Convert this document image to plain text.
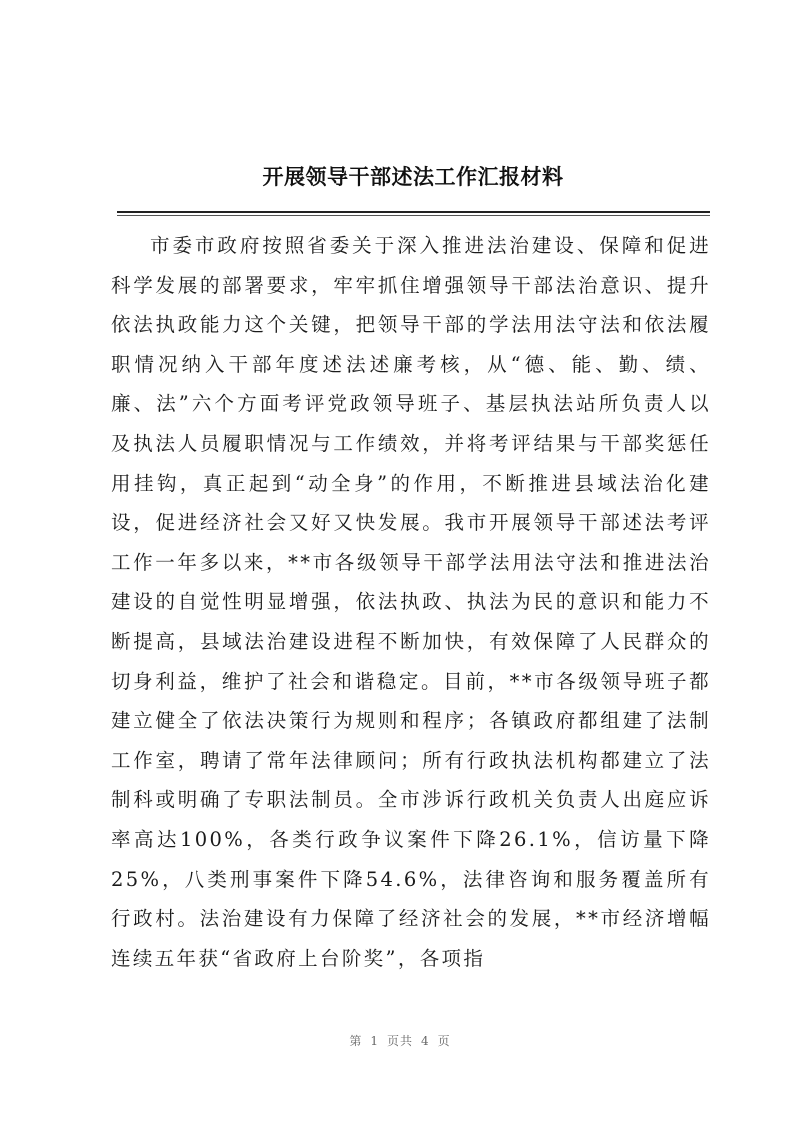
开展领导干部述法工作汇报材料

市委市政府按照省委关于深入推进法治建设、保障和促进科学发展的部署要求，牢牢抓住增强领导干部法治意识、提升依法执政能力这个关键，把领导干部的学法用法守法和依法履职情况纳入干部年度述法述廉考核，从“德、能、勤、绩、廉、法”六个方面考评党政领导班子、基层执法站所负责人以及执法人员履职情况与工作绩效，并将考评结果与干部奖惩任用挂钩，真正起到“动全身”的作用，不断推进县域法治化建设，促进经济社会又好又快发展。我市开展领导干部述法考评工作一年多以来，**市各级领导干部学法用法守法和推进法治建设的自觉性明显增强，依法执政、执法为民的意识和能力不断提高，县域法治建设进程不断加快，有效保障了人民群众的切身利益，维护了社会和谐稳定。目前，**市各级领导班子都建立健全了依法决策行为规则和程序；各镇政府都组建了法制工作室，聘请了常年法律顾问；所有行政执法机构都建立了法制科或明确了专职法制员。全市涉诉行政机关负责人出庭应诉率高达100%，各类行政争议案件下降26.1%，信访量下降25%，八类刑事案件下降54.6%，法律咨询和服务覆盖所有行政村。法治建设有力保障了经济社会的发展，**市经济增幅连续五年获“省政府上台阶奖”，各项指

第 1 页共 4 页
